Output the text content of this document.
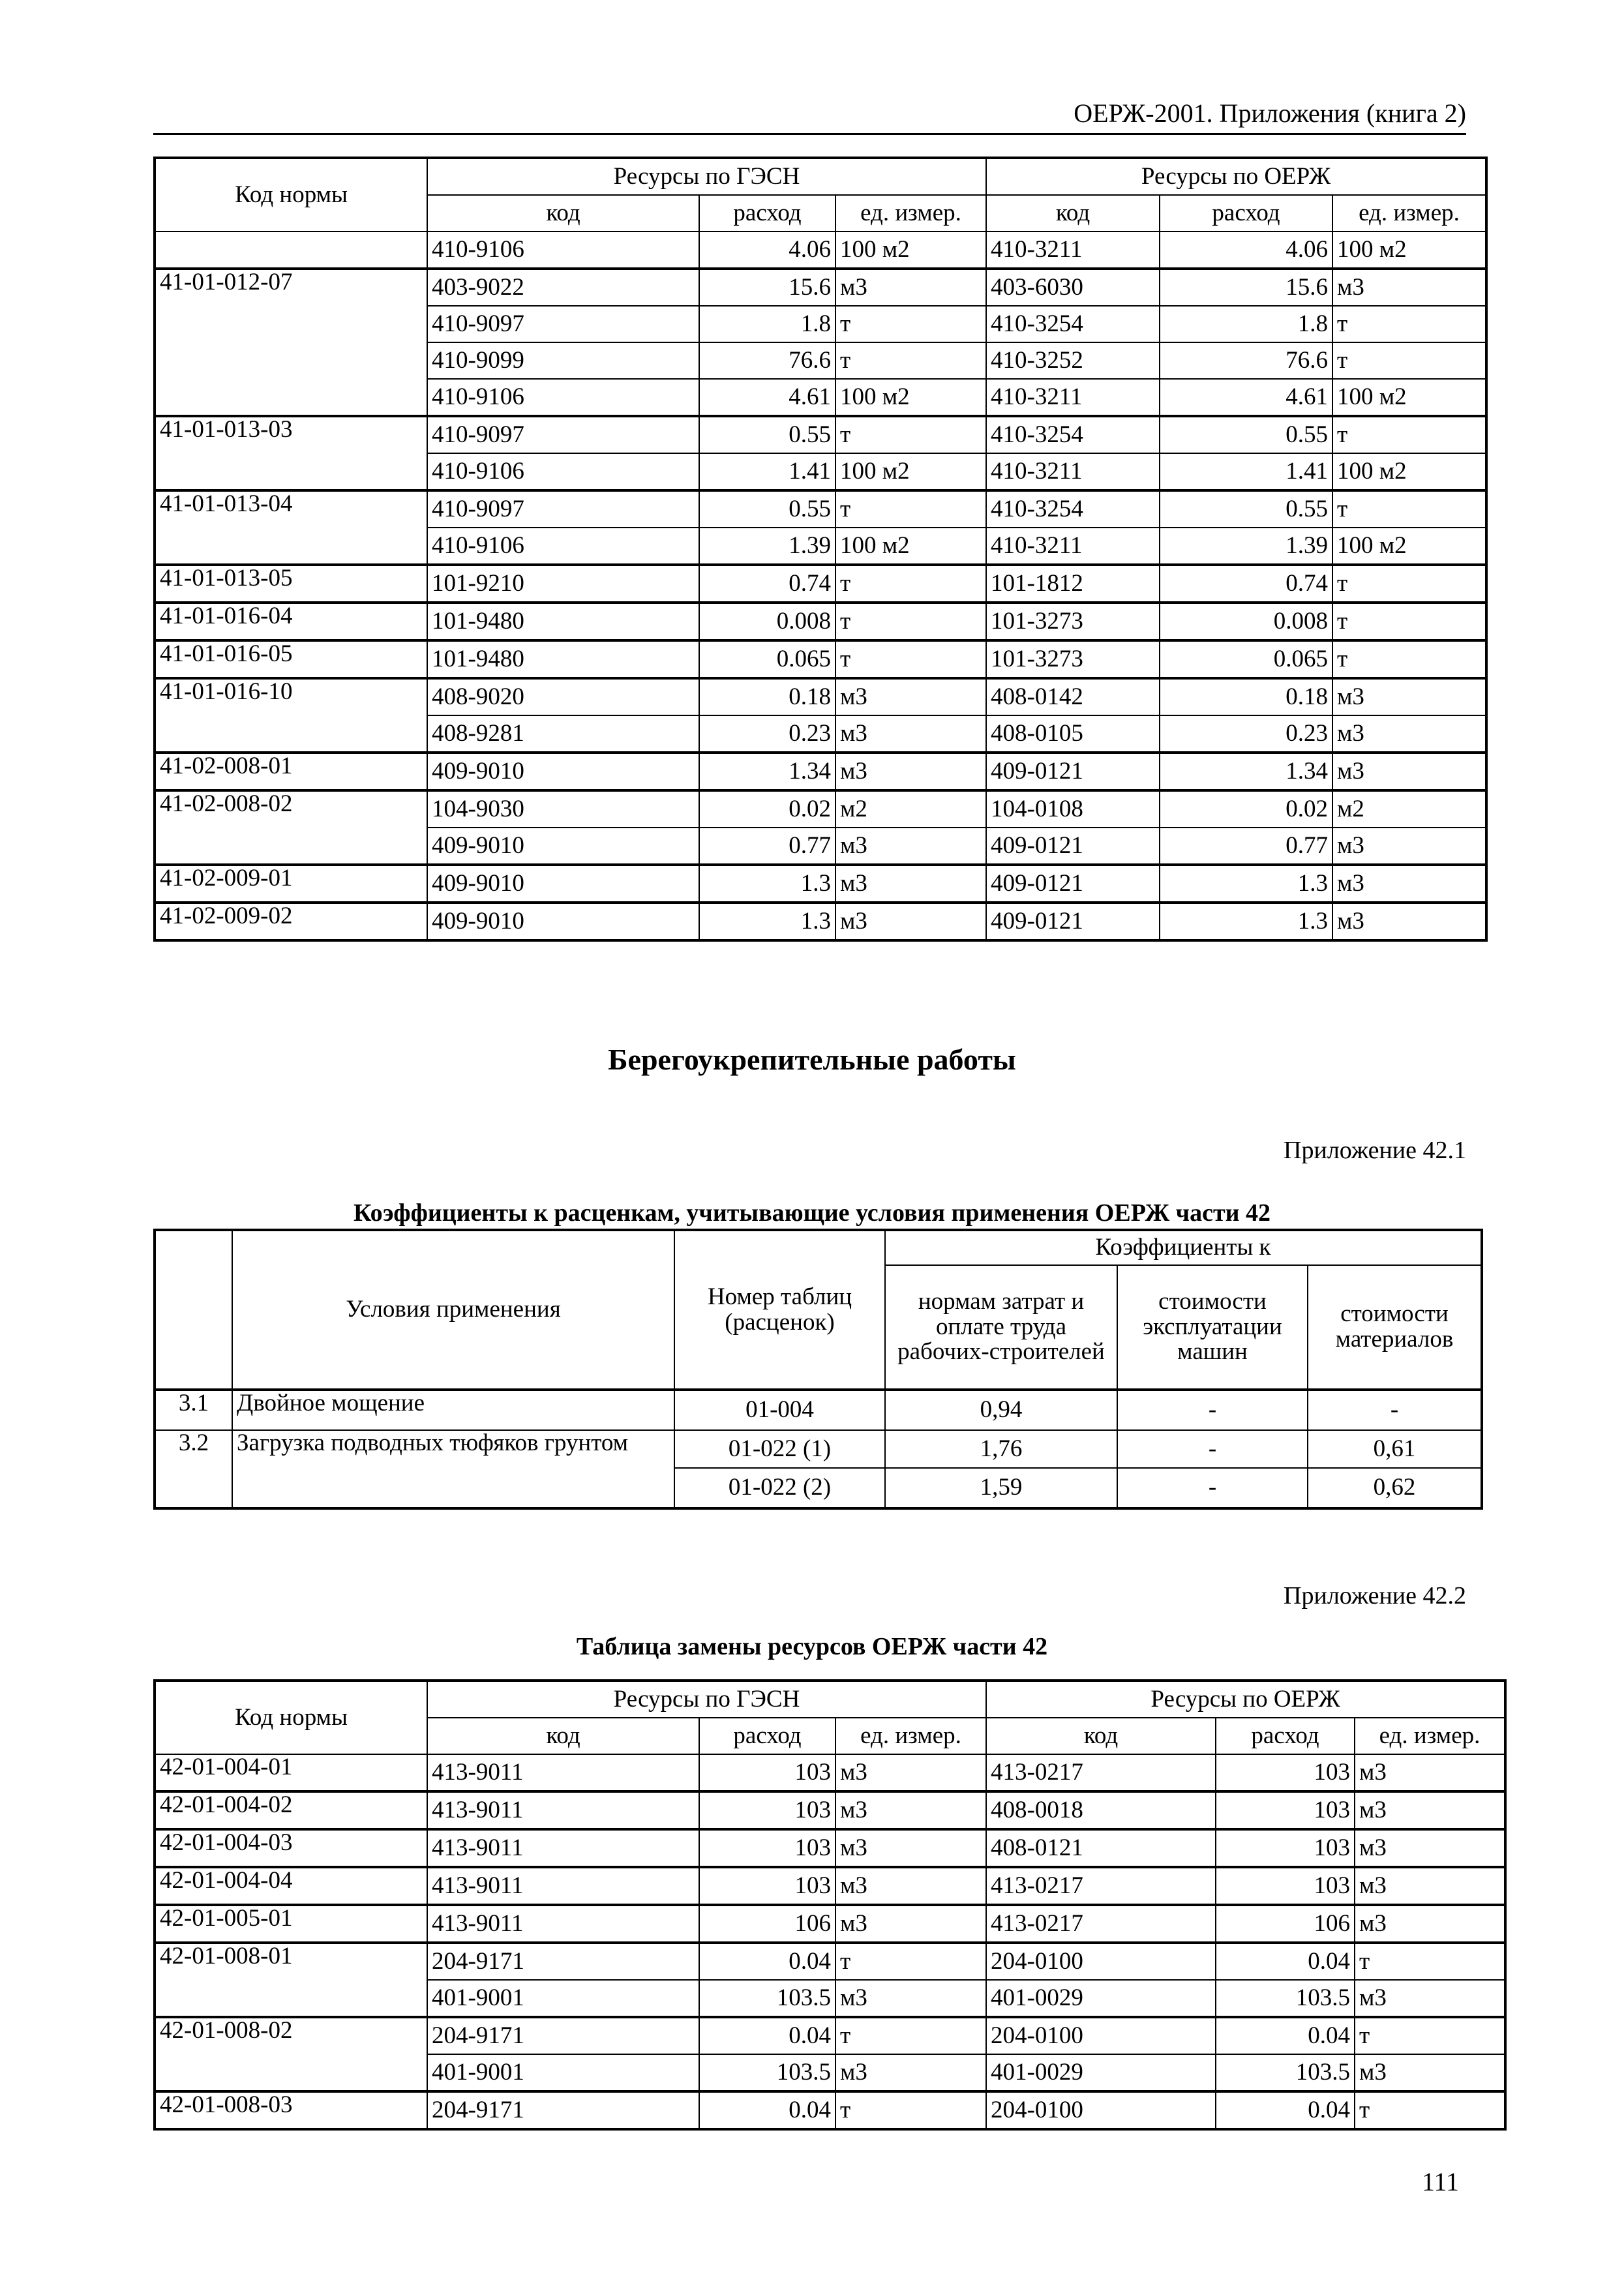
ОЕРЖ-2001. Приложения (книга 2)
Код нормы	Ресурсы по ГЭСН			Ресурсы по ОЕРЖ		
	код	расход	ед. измер.	код	расход	ед. измер.
	410-9106	4.06	100 м2	410-3211	4.06	100 м2
41-01-012-07	403-9022	15.6	м3	403-6030	15.6	м3
	410-9097	1.8	т	410-3254	1.8	т
	410-9099	76.6	т	410-3252	76.6	т
	410-9106	4.61	100 м2	410-3211	4.61	100 м2
41-01-013-03	410-9097	0.55	т	410-3254	0.55	т
	410-9106	1.41	100 м2	410-3211	1.41	100 м2
41-01-013-04	410-9097	0.55	т	410-3254	0.55	т
	410-9106	1.39	100 м2	410-3211	1.39	100 м2
41-01-013-05	101-9210	0.74	т	101-1812	0.74	т
41-01-016-04	101-9480	0.008	т	101-3273	0.008	т
41-01-016-05	101-9480	0.065	т	101-3273	0.065	т
41-01-016-10	408-9020	0.18	м3	408-0142	0.18	м3
	408-9281	0.23	м3	408-0105	0.23	м3
41-02-008-01	409-9010	1.34	м3	409-0121	1.34	м3
41-02-008-02	104-9030	0.02	м2	104-0108	0.02	м2
	409-9010	0.77	м3	409-0121	0.77	м3
41-02-009-01	409-9010	1.3	м3	409-0121	1.3	м3
41-02-009-02	409-9010	1.3	м3	409-0121	1.3	м3
Берегоукрепительные работы
Приложение 42.1
Коэффициенты к расценкам, учитывающие условия применения ОЕРЖ части 42
	Условия применения	Номер таблиц (расценок)	Коэффициенты к		
			нормам затрат и оплате труда рабочих-строителей	стоимости эксплуатации машин	стоимости материалов
3.1	Двойное мощение	01-004	0,94	-	-
3.2	Загрузка подводных тюфяков грунтом	01-022 (1)	1,76	-	0,61
		01-022 (2)	1,59	-	0,62
Приложение 42.2
Таблица замены ресурсов ОЕРЖ части 42
Код нормы	Ресурсы по ГЭСН			Ресурсы по ОЕРЖ		
	код	расход	ед. измер.	код	расход	ед. измер.
42-01-004-01	413-9011	103	м3	413-0217	103	м3
42-01-004-02	413-9011	103	м3	408-0018	103	м3
42-01-004-03	413-9011	103	м3	408-0121	103	м3
42-01-004-04	413-9011	103	м3	413-0217	103	м3
42-01-005-01	413-9011	106	м3	413-0217	106	м3
42-01-008-01	204-9171	0.04	т	204-0100	0.04	т
	401-9001	103.5	м3	401-0029	103.5	м3
42-01-008-02	204-9171	0.04	т	204-0100	0.04	т
	401-9001	103.5	м3	401-0029	103.5	м3
42-01-008-03	204-9171	0.04	т	204-0100	0.04	т
111
